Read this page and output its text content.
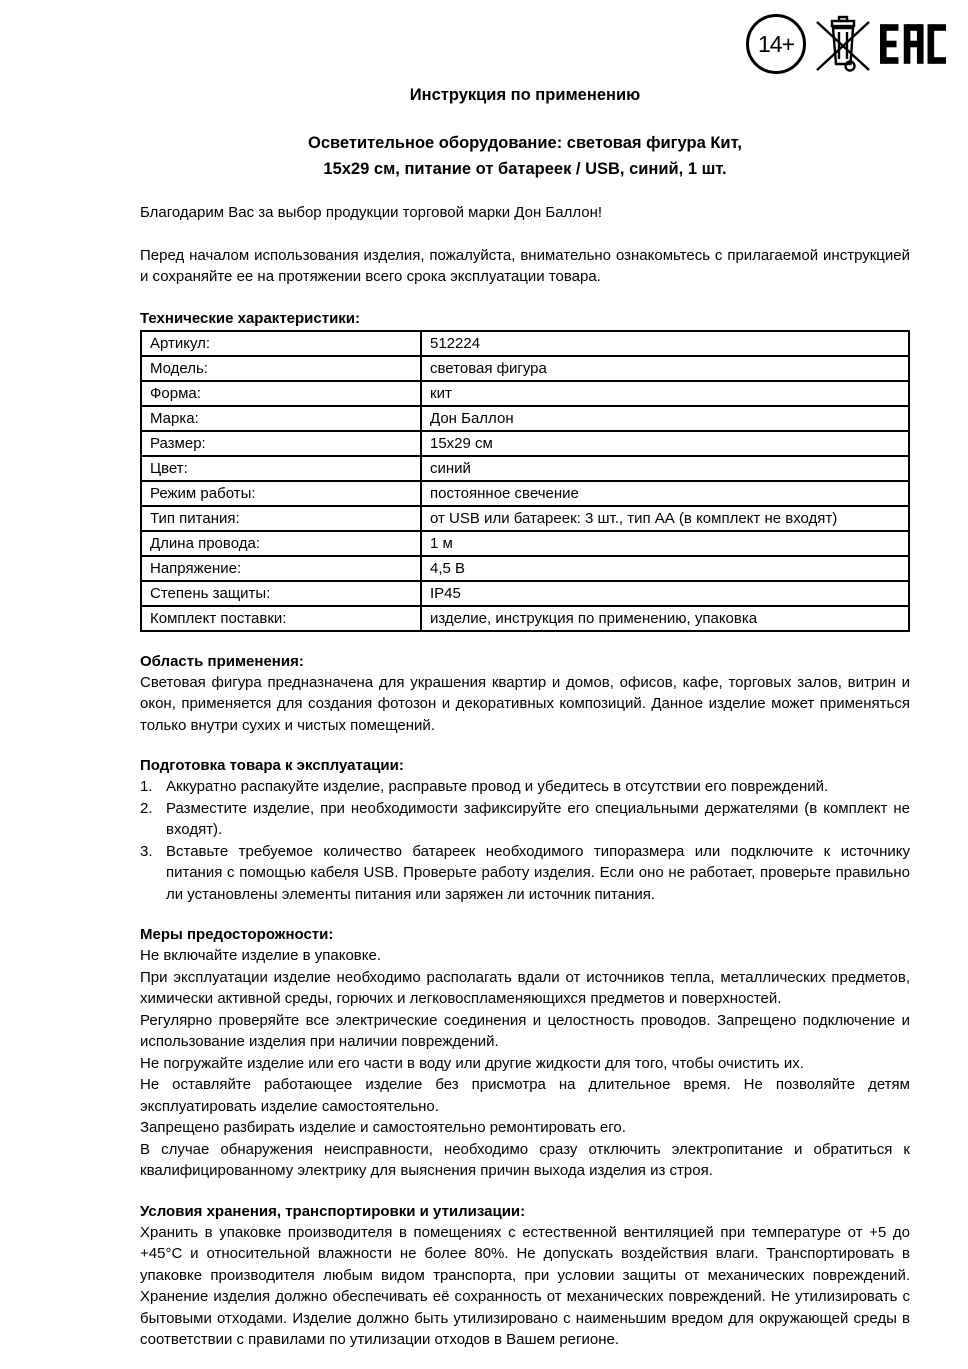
14+
Инструкция по применению
Осветительное оборудование: световая фигура Кит,
15х29 см, питание от батареек / USB, синий, 1 шт.

Благодарим Вас за выбор продукции торговой марки Дон Баллон!

Перед началом использования изделия, пожалуйста, внимательно ознакомьтесь с прилагаемой инструкцией и сохраняйте ее на протяжении всего срока эксплуатации товара.

Технические характеристики:
Артикул:	512224
Модель:	световая фигура
Форма:	кит
Марка:	Дон Баллон
Размер:	15х29 см
Цвет:	синий
Режим работы:	постоянное свечение
Тип питания:	от USB или батареек: 3 шт., тип АА (в комплект не входят)
Длина провода:	1 м
Напряжение:	4,5 В
Степень защиты:	IP45
Комплект поставки:	изделие, инструкция по применению, упаковка
Область применения:

Световая фигура предназначена для украшения квартир и домов, офисов, кафе, торговых залов, витрин и окон, применяется для создания фотозон и декоративных композиций. Данное изделие может применяться только внутри сухих и чистых помещений.

Подготовка товара к эксплуатации:
1. Аккуратно распакуйте изделие, расправьте провод и убедитесь в отсутствии его повреждений.
2. Разместите изделие, при необходимости зафиксируйте его специальными держателями (в комплект не входят).
3. Вставьте требуемое количество батареек необходимого типоразмера или подключите к источнику питания с помощью кабеля USB. Проверьте работу изделия. Если оно не работает, проверьте правильно ли установлены элементы питания или заряжен ли источник питания.
Меры предосторожности:

Не включайте изделие в упаковке.

При эксплуатации изделие необходимо располагать вдали от источников тепла, металлических предметов, химически активной среды, горючих и легковоспламеняющихся предметов и поверхностей.

Регулярно проверяйте все электрические соединения и целостность проводов. Запрещено подключение и использование изделия при наличии повреждений.

Не погружайте изделие или его части в воду или другие жидкости для того, чтобы очистить их.

Не оставляйте работающее изделие без присмотра на длительное время. Не позволяйте детям эксплуатировать изделие самостоятельно.

Запрещено разбирать изделие и самостоятельно ремонтировать его.

В случае обнаружения неисправности, необходимо сразу отключить электропитание и обратиться к квалифицированному электрику для выяснения причин выхода изделия из строя.

Условия хранения, транспортировки и утилизации:

Хранить в упаковке производителя в помещениях с естественной вентиляцией при температуре от +5 до +45°С и относительной влажности не более 80%. Не допускать воздействия влаги. Транспортировать в упаковке производителя любым видом транспорта, при условии защиты от механических повреждений. Хранение изделия должно обеспечивать её сохранность от механических повреждений. Не утилизировать с бытовыми отходами. Изделие должно быть утилизировано с наименьшим вредом для окружающей среды в соответствии с правилами по утилизации отходов в Вашем регионе.
